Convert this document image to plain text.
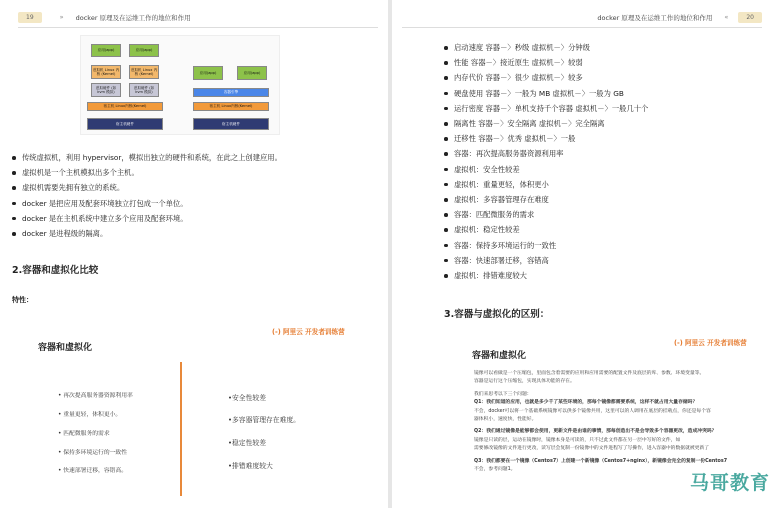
19	» docker 原理及在运维工作的地位和作用
应用(app)	应用(app)
虚拟机 Linux 内核 (Kernel)
虚拟机 Linux 内核 (Kernel)
虚拟硬件 (如 kvm 模拟)
虚拟硬件 (如 kvm 模拟)
宿主机 Linux内核(Kernel)
宿主机硬件
应用(app)	应用(app)
容器引擎
宿主机 Linux内核(Kernel)
宿主机硬件
传统虚拟机，利用 hypervisor，模拟出独立的硬件和系统，在此之上创建应用。
虚拟机是一个主机模拟出多个主机。
虚拟机需要先拥有独立的系统。
docker 是把应用及配套环境独立打包成一个单位。
docker 是在主机系统中建立多个应用及配套环境。
docker 是进程级的隔离。
2.容器和虚拟化比较
特性：
(-) 阿里云 开发者训练营
容器和虚拟化
• 再次提高服务器资源利用率
• 重量更轻，体积更小。
• 匹配微服务的需求
• 保持多环境运行的一致性
• 快速部署迁移，容错高。
•安全性较差
•多容器管理存在难度。
•稳定性较差
•排错难度较大
docker 原理及在运维工作的地位和作用 «	20
启动速度 容器－〉秒级 虚拟机－〉分钟级
性能 容器－〉接近原生 虚拟机－〉较弱
内存代价 容器－〉很少 虚拟机－〉较多
硬盘使用 容器－〉一般为 MB 虚拟机－〉一般为 GB
运行密度 容器－〉单机支持千个容器 虚拟机－〉一般几十个
隔离性 容器－〉安全隔离 虚拟机－〉完全隔离
迁移性 容器－〉优秀 虚拟机－〉一般
容器：再次提高服务器资源利用率
虚拟机：安全性较差
虚拟机：重量更轻，体积更小
虚拟机：多容器管理存在难度
容器：匹配微服务的需求
虚拟机：稳定性较差
容器：保持多环境运行的一致性
容器：快速部署迁移，容错高
虚拟机：排错难度较大
3.容器与虚拟化的区别：
(-) 阿里云 开发者训练营
容器和虚拟化
镜像可以看做是一个压缩包，里面包含着需要的应用和应用需要的配置文件及底层的库、参数、环境变量等。
容器是运行这个压缩包，实现具体功能的存在。
我们来思考以下三个问题：
Q1：我们知道的应用，也就是多少千了某些环境的，那每个镜像都需要系统，这样不就占用大量存储吗？
不会，docker可以将一个基础系统镜像可以供多个镜像共用，这里可以的人调用在底层的挂载点，你还是每个容
器体积小，速度快，性能好。
Q2：我们通过镜像是能够都会使用，更新文件是由谁的事情，那每创造出不是会导致多个容器更改，造成冲突吗？
镜像是只读的层，运动在镜像时，镜像本身是可读的，只不过此文件都在另一层中写好的文件，如
需要修改镜像的文件进行更改，读写层会复制一份镜像中的文件进程写了写操作，进入容器中的数据就被更新了
Q3：我们都要在一个镜像（Centos7）上创建一个新镜像（Centos7+nginx），新镜像会完全的复制一份Centos7
不会，参考问题1。
马哥教育
